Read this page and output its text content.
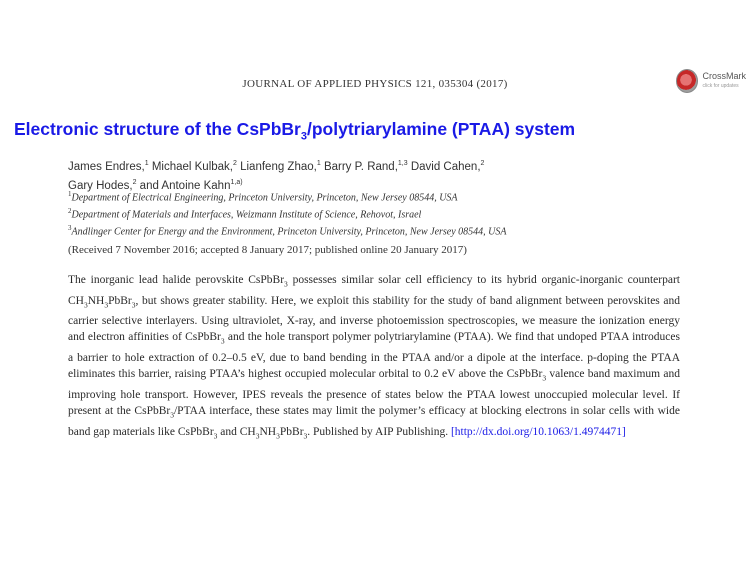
JOURNAL OF APPLIED PHYSICS 121, 035304 (2017)
CrossMark
click for updates
Electronic structure of the CsPbBr$_3$/polytriarylamine (PTAA) system
James Endres,$^1$ Michael Kulbak,$^2$ Lianfeng Zhao,$^1$ Barry P. Rand,$^{1,3}$ David Cahen,$^2$
Gary Hodes,$^2$ and Antoine Kahn$^{1,a)}$
$^1$Department of Electrical Engineering, Princeton University, Princeton, New Jersey 08544, USA
$^2$Department of Materials and Interfaces, Weizmann Institute of Science, Rehovot, Israel
$^3$Andlinger Center for Energy and the Environment, Princeton University, Princeton, New Jersey 08544, USA
(Received 7 November 2016; accepted 8 January 2017; published online 20 January 2017)
The inorganic lead halide perovskite CsPbBr$_3$ possesses similar solar cell efficiency to its hybrid organic-inorganic counterpart $CH_3NH_3PbBr_3$, but shows greater stability. Here, we exploit this stability for the study of band alignment between perovskites and carrier selective interlayers. Using ultraviolet, X-ray, and inverse photoemission spectroscopies, we measure the ionization energy and electron affinities of CsPbBr$_3$ and the hole transport polymer polytriarylamine (PTAA). We find that undoped PTAA introduces a barrier to hole extraction of 0.2–0.5 eV, due to band bending in the PTAA and/or a dipole at the interface. p-doping the PTAA eliminates this barrier, raising PTAA’s highest occupied molecular orbital to 0.2 eV above the CsPbBr$_3$ valence band maximum and improving hole transport. However, IPES reveals the presence of states below the PTAA lowest unoccupied molecular level. If present at the CsPbBr$_3$/PTAA interface, these states may limit the polymer’s efficacy at blocking electrons in solar cells with wide band gap materials like CsPbBr$_3$ and $CH_3NH_3PbBr_3$. Published by AIP Publishing. [http://dx.doi.org/10.1063/1.4974471]
